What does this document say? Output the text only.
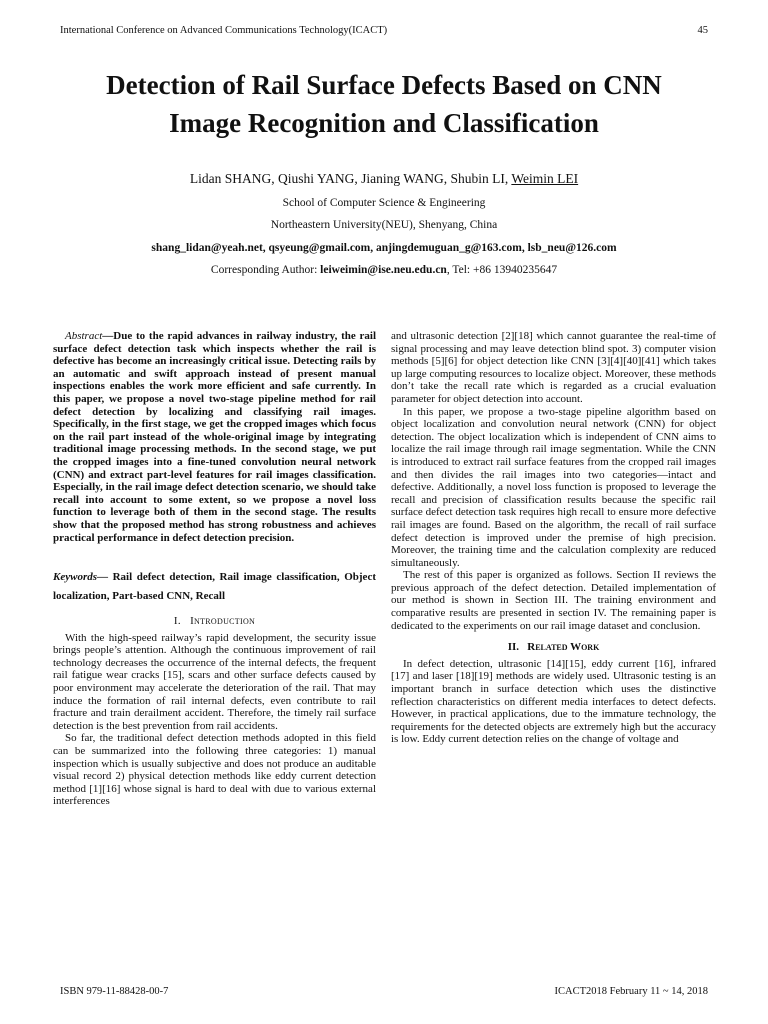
International Conference on Advanced Communications Technology(ICACT)	45
Detection of Rail Surface Defects Based on CNN
Image Recognition and Classification
Lidan SHANG, Qiushi YANG, Jianing WANG, Shubin LI, Weimin LEI
School of Computer Science & Engineering
Northeastern University(NEU), Shenyang, China
shang_lidan@yeah.net, qsyeung@gmail.com, anjingdemuguan_g@163.com, lsb_neu@126.com
Corresponding Author: leiweimin@ise.neu.edu.cn, Tel: +86 13940235647

Abstract—Due to the rapid advances in railway industry, the rail surface defect detection task which inspects whether the rail is defective has become an increasingly critical issue. Detecting rails by an automatic and swift approach instead of present manual inspections enables the work more efficient and safe currently. In this paper, we propose a novel two-stage pipeline method for rail defect detection by localizing and classifying rail images. Specifically, in the first stage, we get the cropped images which focus on the rail part instead of the whole-original image by integrating traditional image processing methods. In the second stage, we put the cropped images into a fine-tuned convolution neural network (CNN) and extract part-level features for rail images classification. Especially, in the rail image defect detection scenario, we should take recall into account to some extent, so we propose a novel loss function to leverage both of them in the second stage. The results show that the proposed method has strong robustness and achieves practical performance in defect detection precision.

Keywords— Rail defect detection, Rail image classification, Object localization, Part-based CNN, Recall

I. Introduction

With the high-speed railway’s rapid development, the security issue brings people’s attention. Although the continuous improvement of rail technology decreases the occurrence of the internal defects, the frequent rail fatigue wear cracks [15], scars and other surface defects caused by poor environment may accelerate the deterioration of the rail. That may induce the formation of rail internal defects, even contribute to rail fracture and train derailment accident. Therefore, the timely rail surface detection is the best prevention from rail accidents.

So far, the traditional defect detection methods adopted in this field can be summarized into the following three categories: 1) manual inspection which is usually subjective and does not produce an auditable visual record 2) physical detection methods like eddy current detection method [1][16] whose signal is hard to deal with due to various external interferences

and ultrasonic detection [2][18] which cannot guarantee the real-time of signal processing and may leave detection blind spot. 3) computer vision methods [5][6] for object detection like CNN [3][4][40][41] which takes up large computing resources to localize object. Moreover, these methods don’t take the recall rate which is regarded as a crucial evaluation parameter for object detection into account.

In this paper, we propose a two-stage pipeline algorithm based on object localization and convolution neural network (CNN) for object detection. The object localization which is independent of CNN aims to localize the rail image through rail image segmentation. While the CNN is introduced to extract rail surface features from the cropped rail images and then divides the rail images into two categories—intact and defective. Additionally, a novel loss function is proposed to leverage the recall and precision of classification results because the specific rail surface defect detection task requires high recall to ensure more defective rail images are found. Based on the algorithm, the recall of rail surface defect detection is improved under the premise of high precision. Moreover, the training time and the calculation complexity are reduced simultaneously.

The rest of this paper is organized as follows. Section II reviews the previous approach of the defect detection. Detailed implementation of our method is shown in Section III. The training environment and comparative results are presented in section IV. The remaining paper is dedicated to the experiments on our rail image dataset and conclusion.

II. Related Work

In defect detection, ultrasonic [14][15], eddy current [16], infrared [17] and laser [18][19] methods are widely used. Ultrasonic testing is an important branch in surface detection which uses the distinctive reflection characteristics on different media interfaces to detect defects. However, in practical applications, due to the immature technology, the requirements for the detected objects are extremely high but the accuracy is low. Eddy current detection relies on the change of voltage and

ISBN 979-11-88428-00-7	ICACT2018 February 11 ~ 14, 2018
